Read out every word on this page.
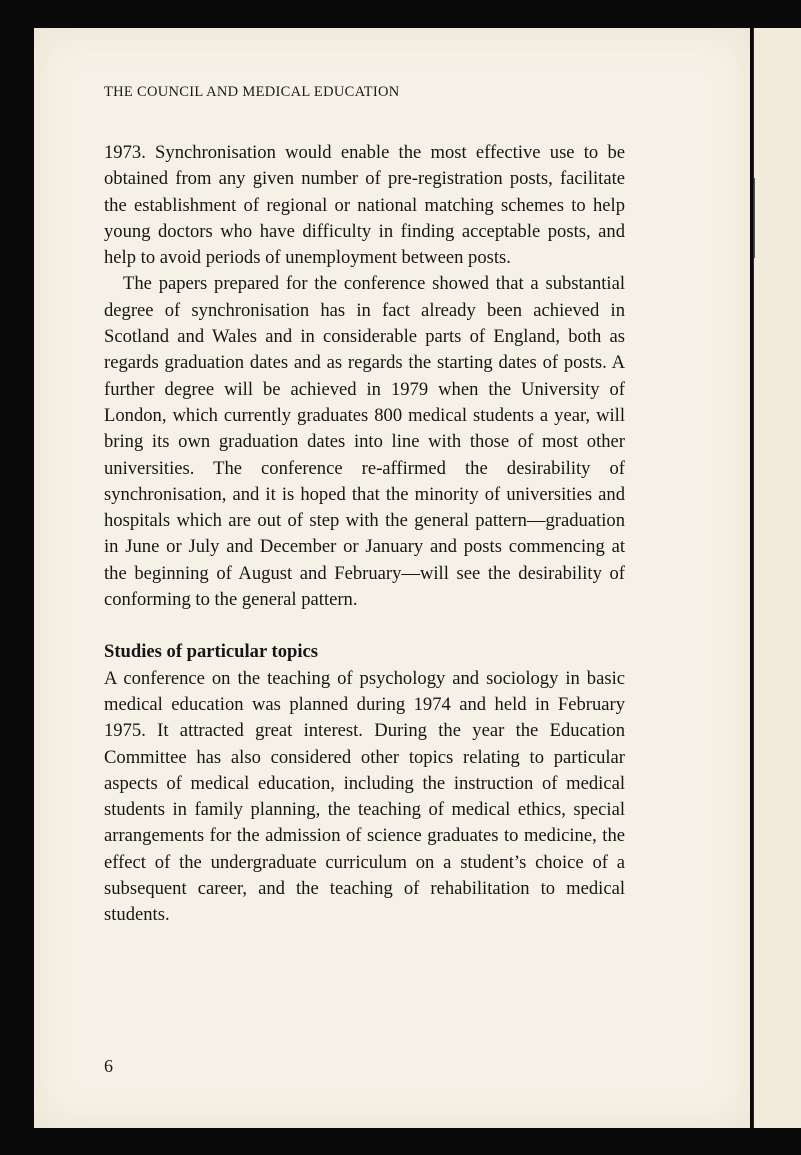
THE COUNCIL AND MEDICAL EDUCATION

1973. Synchronisation would enable the most effective use to be obtained from any given number of pre-registration posts, facilitate the establishment of regional or national matching schemes to help young doctors who have difficulty in finding acceptable posts, and help to avoid periods of unemployment between posts.

The papers prepared for the conference showed that a substantial degree of synchronisation has in fact already been achieved in Scotland and Wales and in considerable parts of England, both as regards graduation dates and as regards the starting dates of posts. A further degree will be achieved in 1979 when the University of London, which currently graduates 800 medical students a year, will bring its own graduation dates into line with those of most other universities. The conference re-affirmed the desirability of synchronisation, and it is hoped that the minority of universities and hospitals which are out of step with the general pattern—graduation in June or July and December or January and posts commencing at the beginning of August and February—will see the desirability of conforming to the general pattern.

Studies of particular topics

A conference on the teaching of psychology and sociology in basic medical education was planned during 1974 and held in February 1975. It attracted great interest. During the year the Education Committee has also considered other topics relating to particular aspects of medical education, including the instruction of medical students in family planning, the teaching of medical ethics, special arrangements for the admission of science graduates to medicine, the effect of the undergraduate curriculum on a student’s choice of a subsequent career, and the teaching of rehabilitation to medical students.

6
